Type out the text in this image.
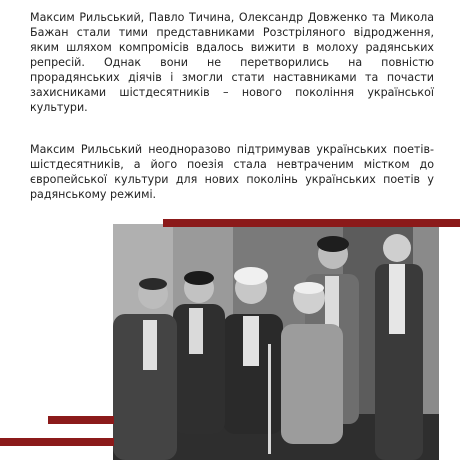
Максим Рильський, Павло Тичина, Олександр Довженко та Микола Бажан стали тими представниками Розстріляного відродження, яким шляхом компромісів вдалось вижити в молоху радянських репресій. Однак вони не перетворились на повністю прорадянських діячів і змогли стати наставниками та почасти захисниками шістдесятників – нового покоління української культури.

Максим Рильський неодноразово підтримував українських поетів-шістдесятників, а його поезія стала невтраченим містком до європейської культури для нових поколінь українських поетів у радянському режимі.
